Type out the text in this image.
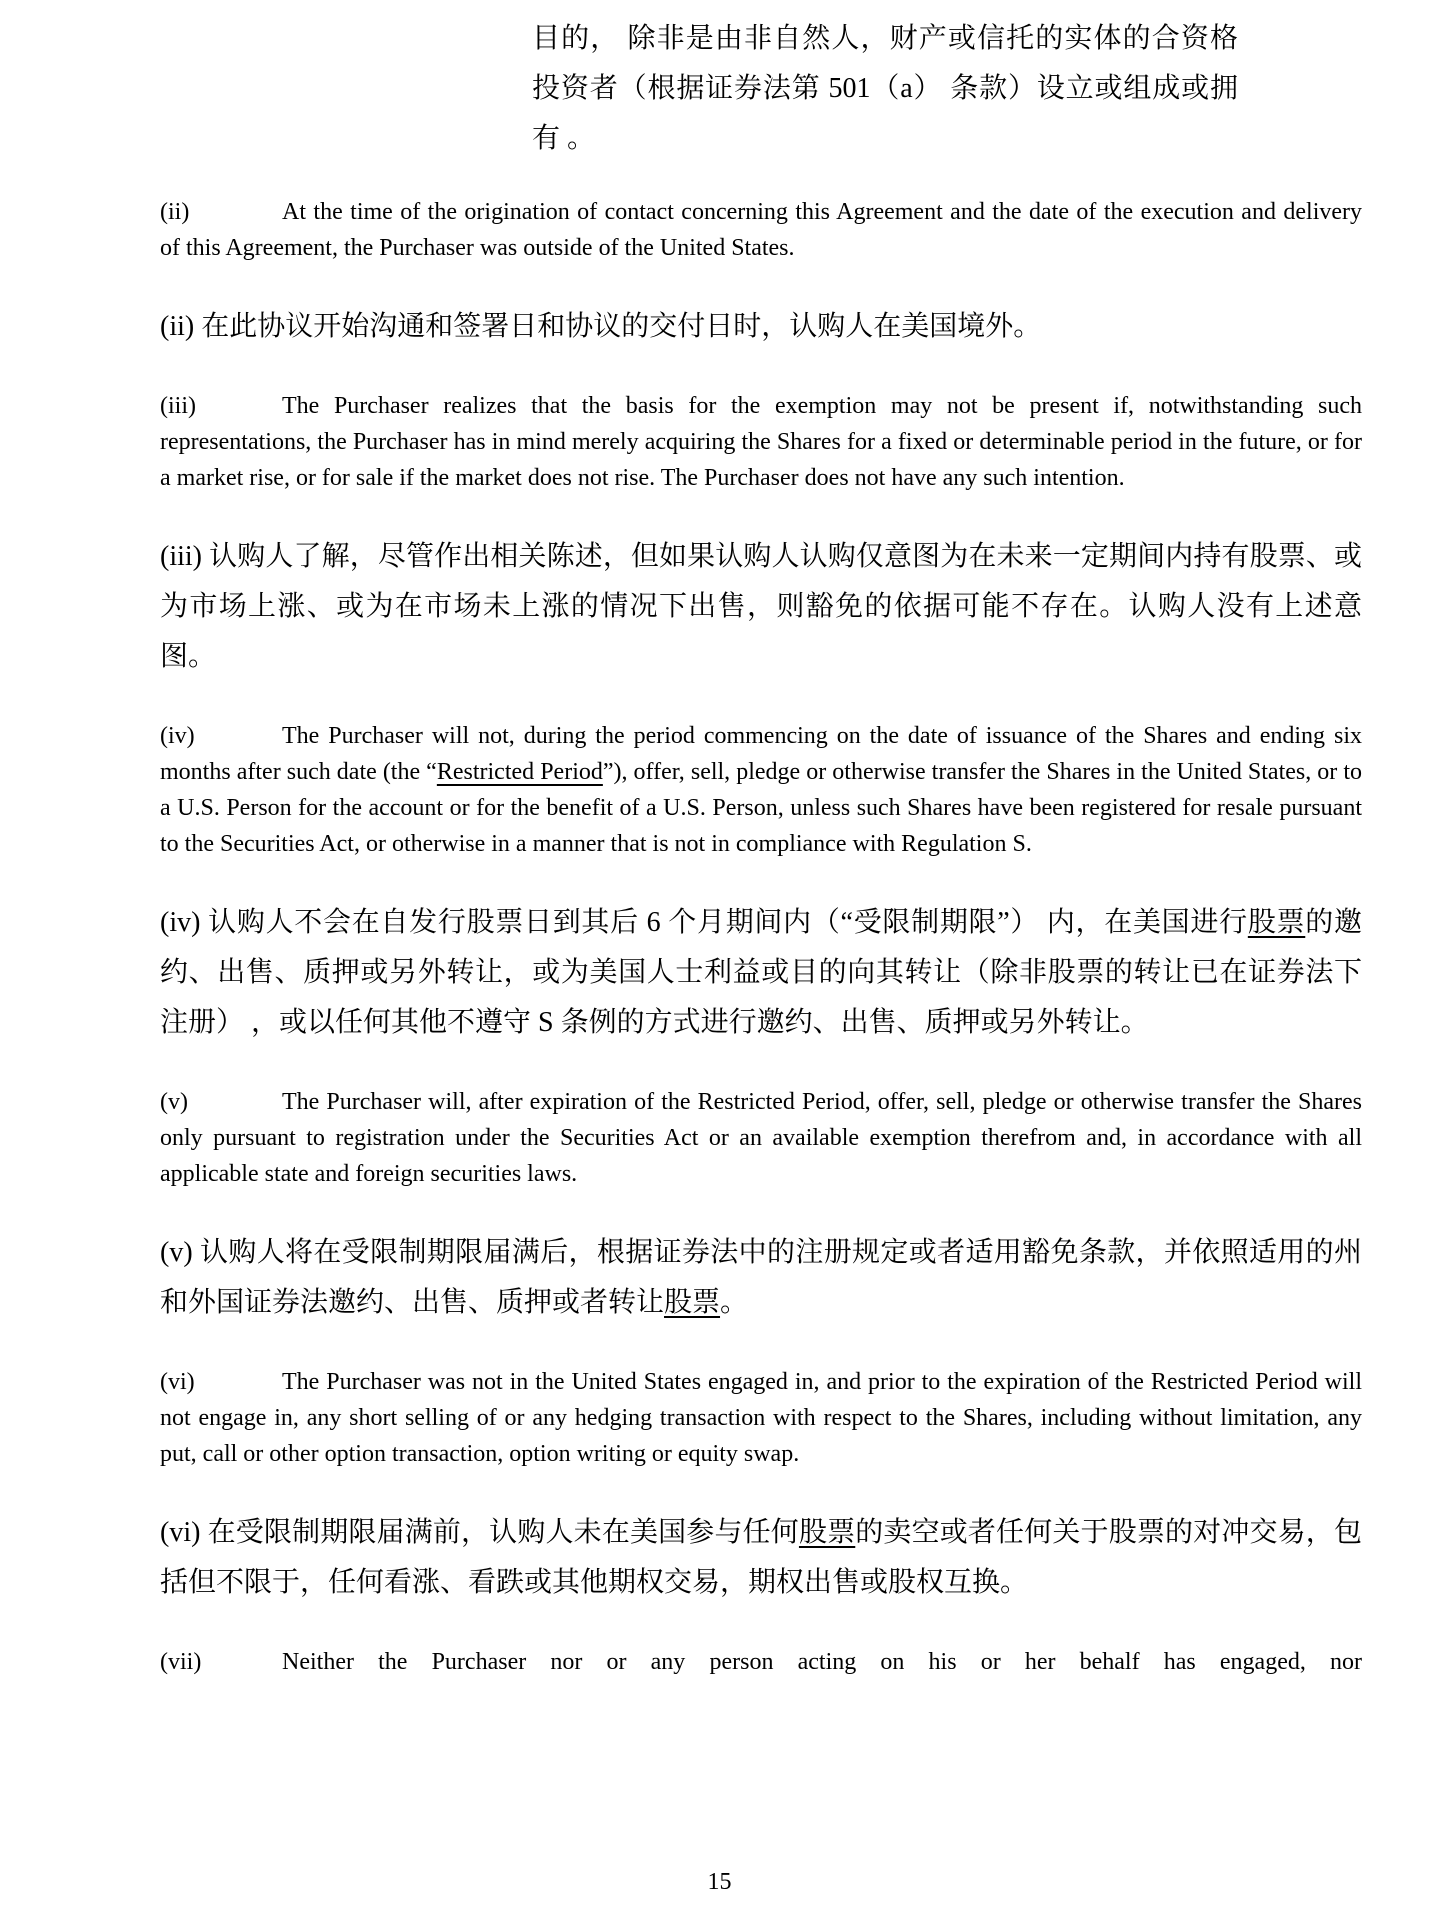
目的， 除非是由非自然人，财产或信托的实体的合资格投资者（根据证券法第 501（a） 条款）设立或组成或拥有 。

(ii)	At the time of the origination of contact concerning this Agreement and the date of the execution and delivery of this Agreement, the Purchaser was outside of the United States.

(ii) 在此协议开始沟通和签署日和协议的交付日时，认购人在美国境外。

(iii)	The Purchaser realizes that the basis for the exemption may not be present if, notwithstanding such representations, the Purchaser has in mind merely acquiring the Shares for a fixed or determinable period in the future, or for a market rise, or for sale if the market does not rise. The Purchaser does not have any such intention.

(iii) 认购人了解，尽管作出相关陈述，但如果认购人认购仅意图为在未来一定期间内持有股票、或为市场上涨、或为在市场未上涨的情况下出售，则豁免的依据可能不存在。认购人没有上述意图。

(iv)	The Purchaser will not, during the period commencing on the date of issuance of the Shares and ending six months after such date (the “Restricted Period”), offer, sell, pledge or otherwise transfer the Shares in the United States, or to a U.S. Person for the account or for the benefit of a U.S. Person, unless such Shares have been registered for resale pursuant to the Securities Act, or otherwise in a manner that is not in compliance with Regulation S.

(iv) 认购人不会在自发行股票日到其后 6 个月期间内（“受限制期限”） 内，在美国进行股票的邀约、出售、质押或另外转让，或为美国人士利益或目的向其转让（除非股票的转让已在证券法下注册） ，或以任何其他不遵守 S 条例的方式进行邀约、出售、质押或另外转让。

(v)	The Purchaser will, after expiration of the Restricted Period, offer, sell, pledge or otherwise transfer the Shares only pursuant to registration under the Securities Act or an available exemption therefrom and, in accordance with all applicable state and foreign securities laws.

(v) 认购人将在受限制期限届满后，根据证券法中的注册规定或者适用豁免条款，并依照适用的州和外国证券法邀约、出售、质押或者转让股票。

(vi)	The Purchaser was not in the United States engaged in, and prior to the expiration of the Restricted Period will not engage in, any short selling of or any hedging transaction with respect to the Shares, including without limitation, any put, call or other option transaction, option writing or equity swap.

(vi) 在受限制期限届满前，认购人未在美国参与任何股票的卖空或者任何关于股票的对冲交易，包括但不限于，任何看涨、看跌或其他期权交易，期权出售或股权互换。

(vii)	Neither the Purchaser nor or any person acting on his or her behalf has engaged, nor

15
